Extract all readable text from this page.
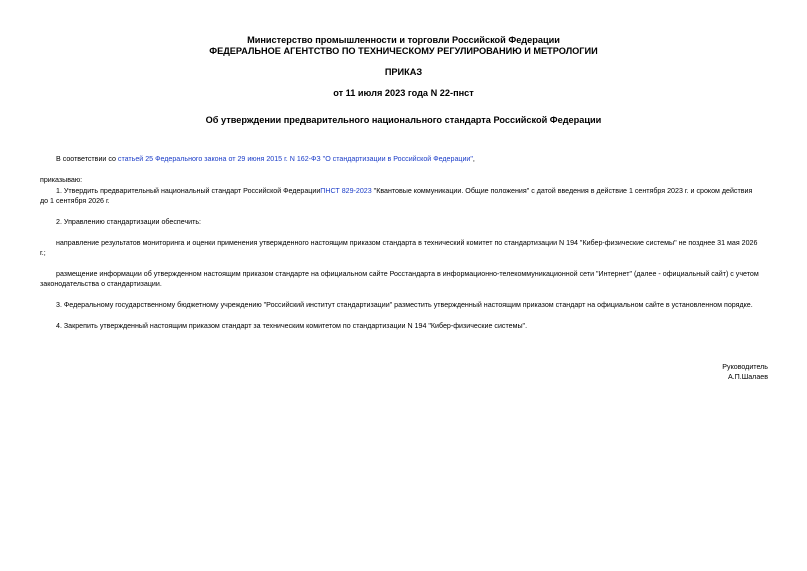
Министерство промышленности и торговли Российской Федерации
ФЕДЕРАЛЬНОЕ АГЕНТСТВО ПО ТЕХНИЧЕСКОМУ РЕГУЛИРОВАНИЮ И МЕТРОЛОГИИ
ПРИКАЗ
от 11 июля 2023 года N 22-пнст
Об утверждении предварительного национального стандарта Российской Федерации
В соответствии со статьей 25 Федерального закона от 29 июня 2015 г. N 162-ФЗ "О стандартизации в Российской Федерации",
приказываю:
1. Утвердить предварительный национальный стандарт Российской ФедерацииПНСТ 829-2023 "Квантовые коммуникации. Общие положения" с датой введения в действие 1 сентября 2023 г. и сроком действия
до 1 сентября 2026 г.
2. Управлению стандартизации обеспечить:
направление результатов мониторинга и оценки применения утвержденного настоящим приказом стандарта в технический комитет по стандартизации N 194 "Кибер-физические системы" не позднее 31 мая 2026
г.;
размещение информации об утвержденном настоящим приказом стандарте на официальном сайте Росстандарта в информационно-телекоммуникационной сети "Интернет" (далее - официальный сайт) с учетом
законодательства о стандартизации.
3. Федеральному государственному бюджетному учреждению "Российский институт стандартизации" разместить утвержденный настоящим приказом стандарт на официальном сайте в установленном порядке.
4. Закрепить утвержденный настоящим приказом стандарт за техническим комитетом по стандартизации N 194 "Кибер-физические системы".
Руководитель
А.П.Шалаев
